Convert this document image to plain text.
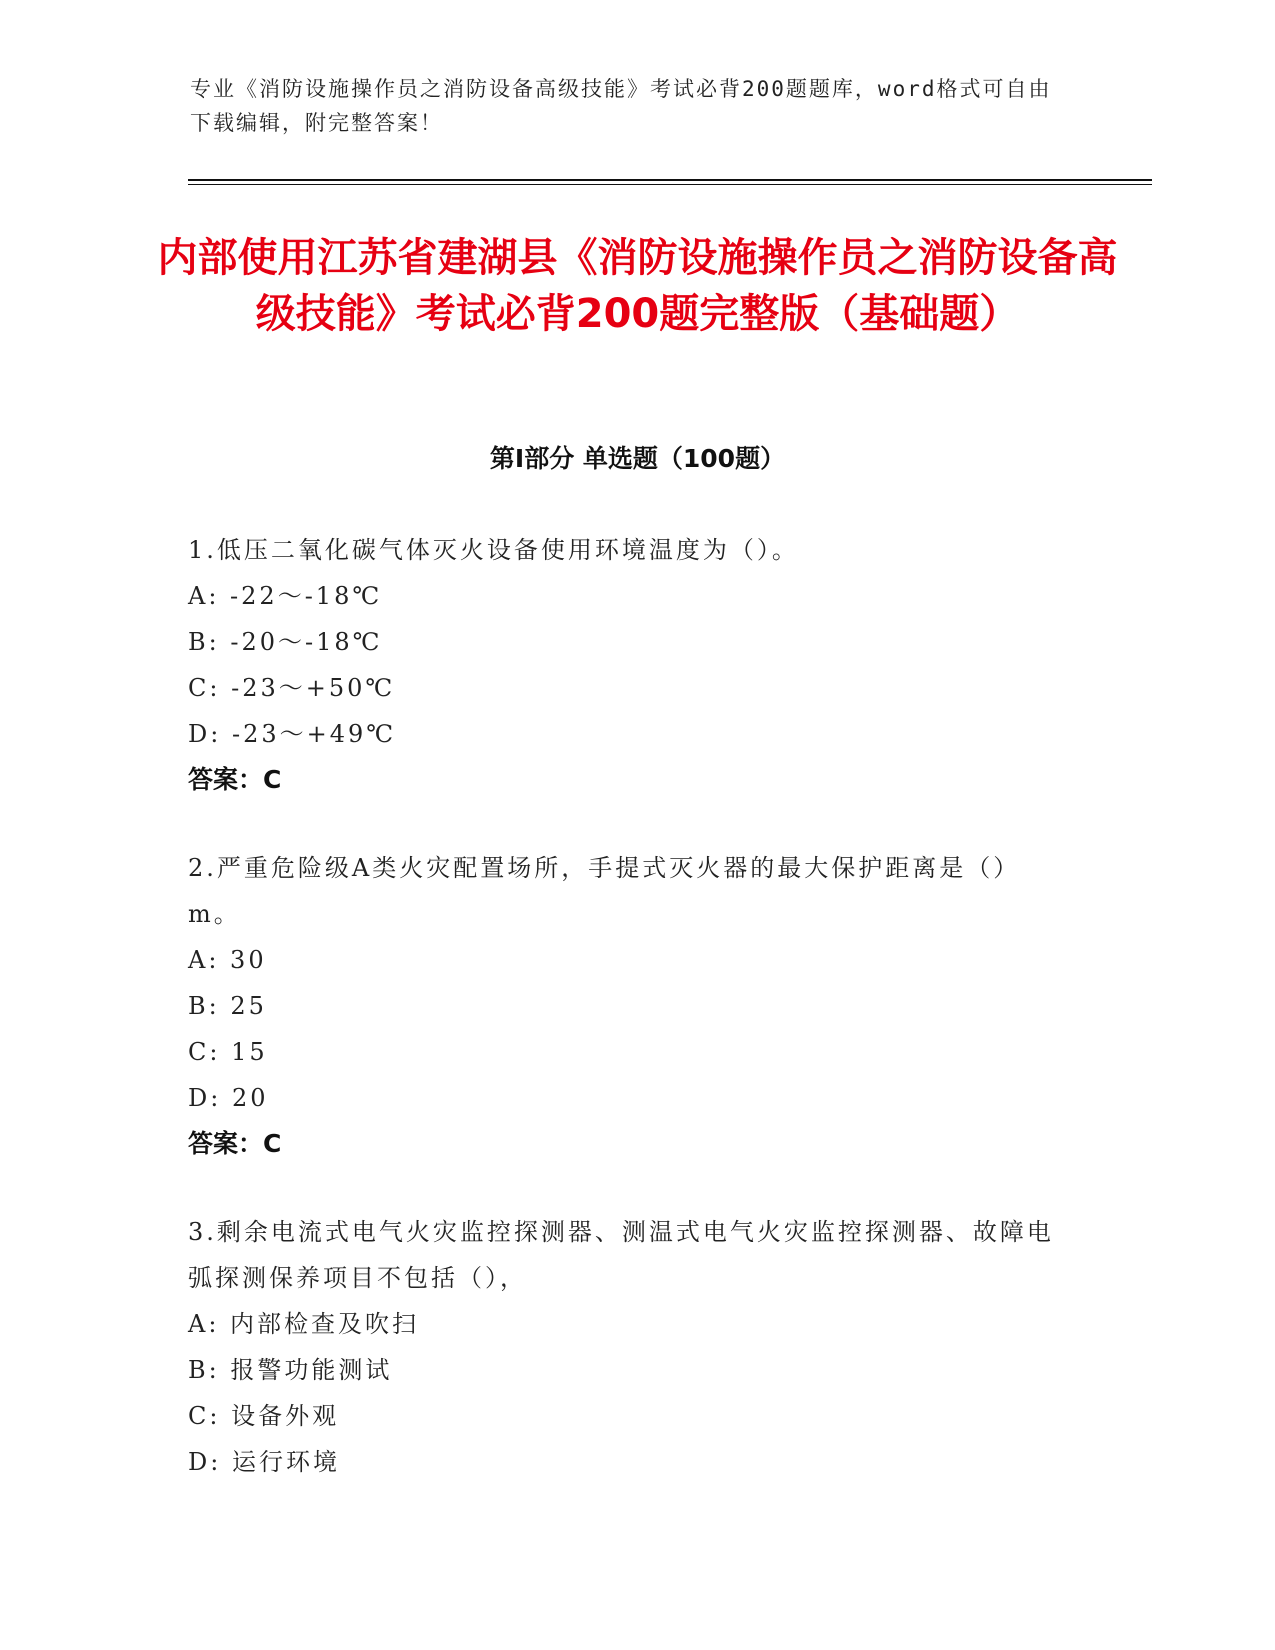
专业《消防设施操作员之消防设备高级技能》考试必背200题题库，word格式可自由下载编辑，附完整答案！
内部使用江苏省建湖县《消防设施操作员之消防设备高级技能》考试必背200题完整版（基础题）
第Ⅰ部分 单选题（100题）
1.低压二氧化碳气体灭火设备使用环境温度为（）。
A: -22～-18℃
B: -20～-18℃
C: -23～+50℃
D: -23～+49℃
答案：C
2.严重危险级A类火灾配置场所，手提式灭火器的最大保护距离是（）m。
A: 30
B: 25
C: 15
D: 20
答案：C
3.剩余电流式电气火灾监控探测器、测温式电气火灾监控探测器、故障电弧探测保养项目不包括（），
A: 内部检查及吹扫
B: 报警功能测试
C: 设备外观
D: 运行环境
